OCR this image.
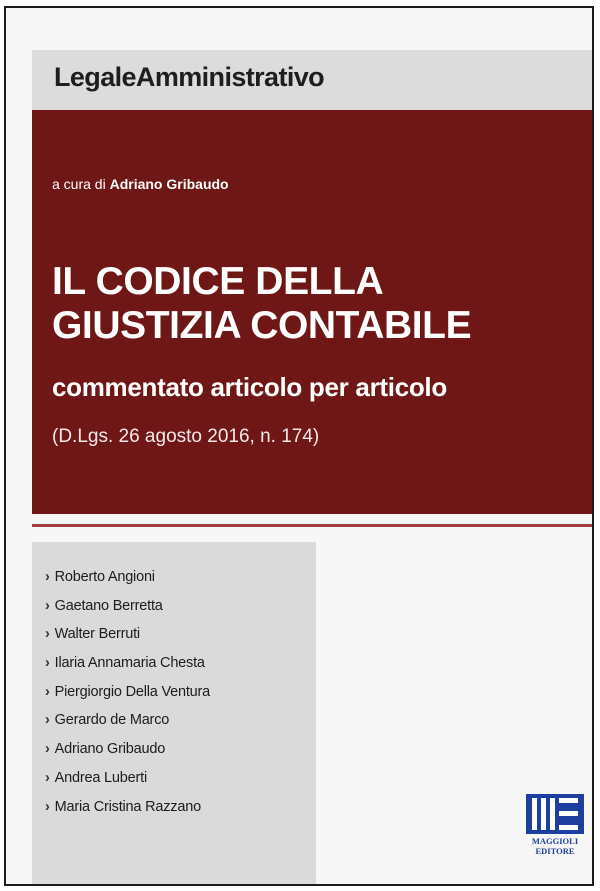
LegaleAmministrativo
a cura di Adriano Gribaudo
IL CODICE DELLA
GIUSTIZIA CONTABILE
commentato articolo per articolo
(D.Lgs. 26 agosto 2016, n. 174)
› Roberto Angioni
› Gaetano Berretta
› Walter Berruti
› Ilaria Annamaria Chesta
› Piergiorgio Della Ventura
› Gerardo de Marco
› Adriano Gribaudo
› Andrea Luberti
› Maria Cristina Razzano
MAGGIOLI
EDITORE
